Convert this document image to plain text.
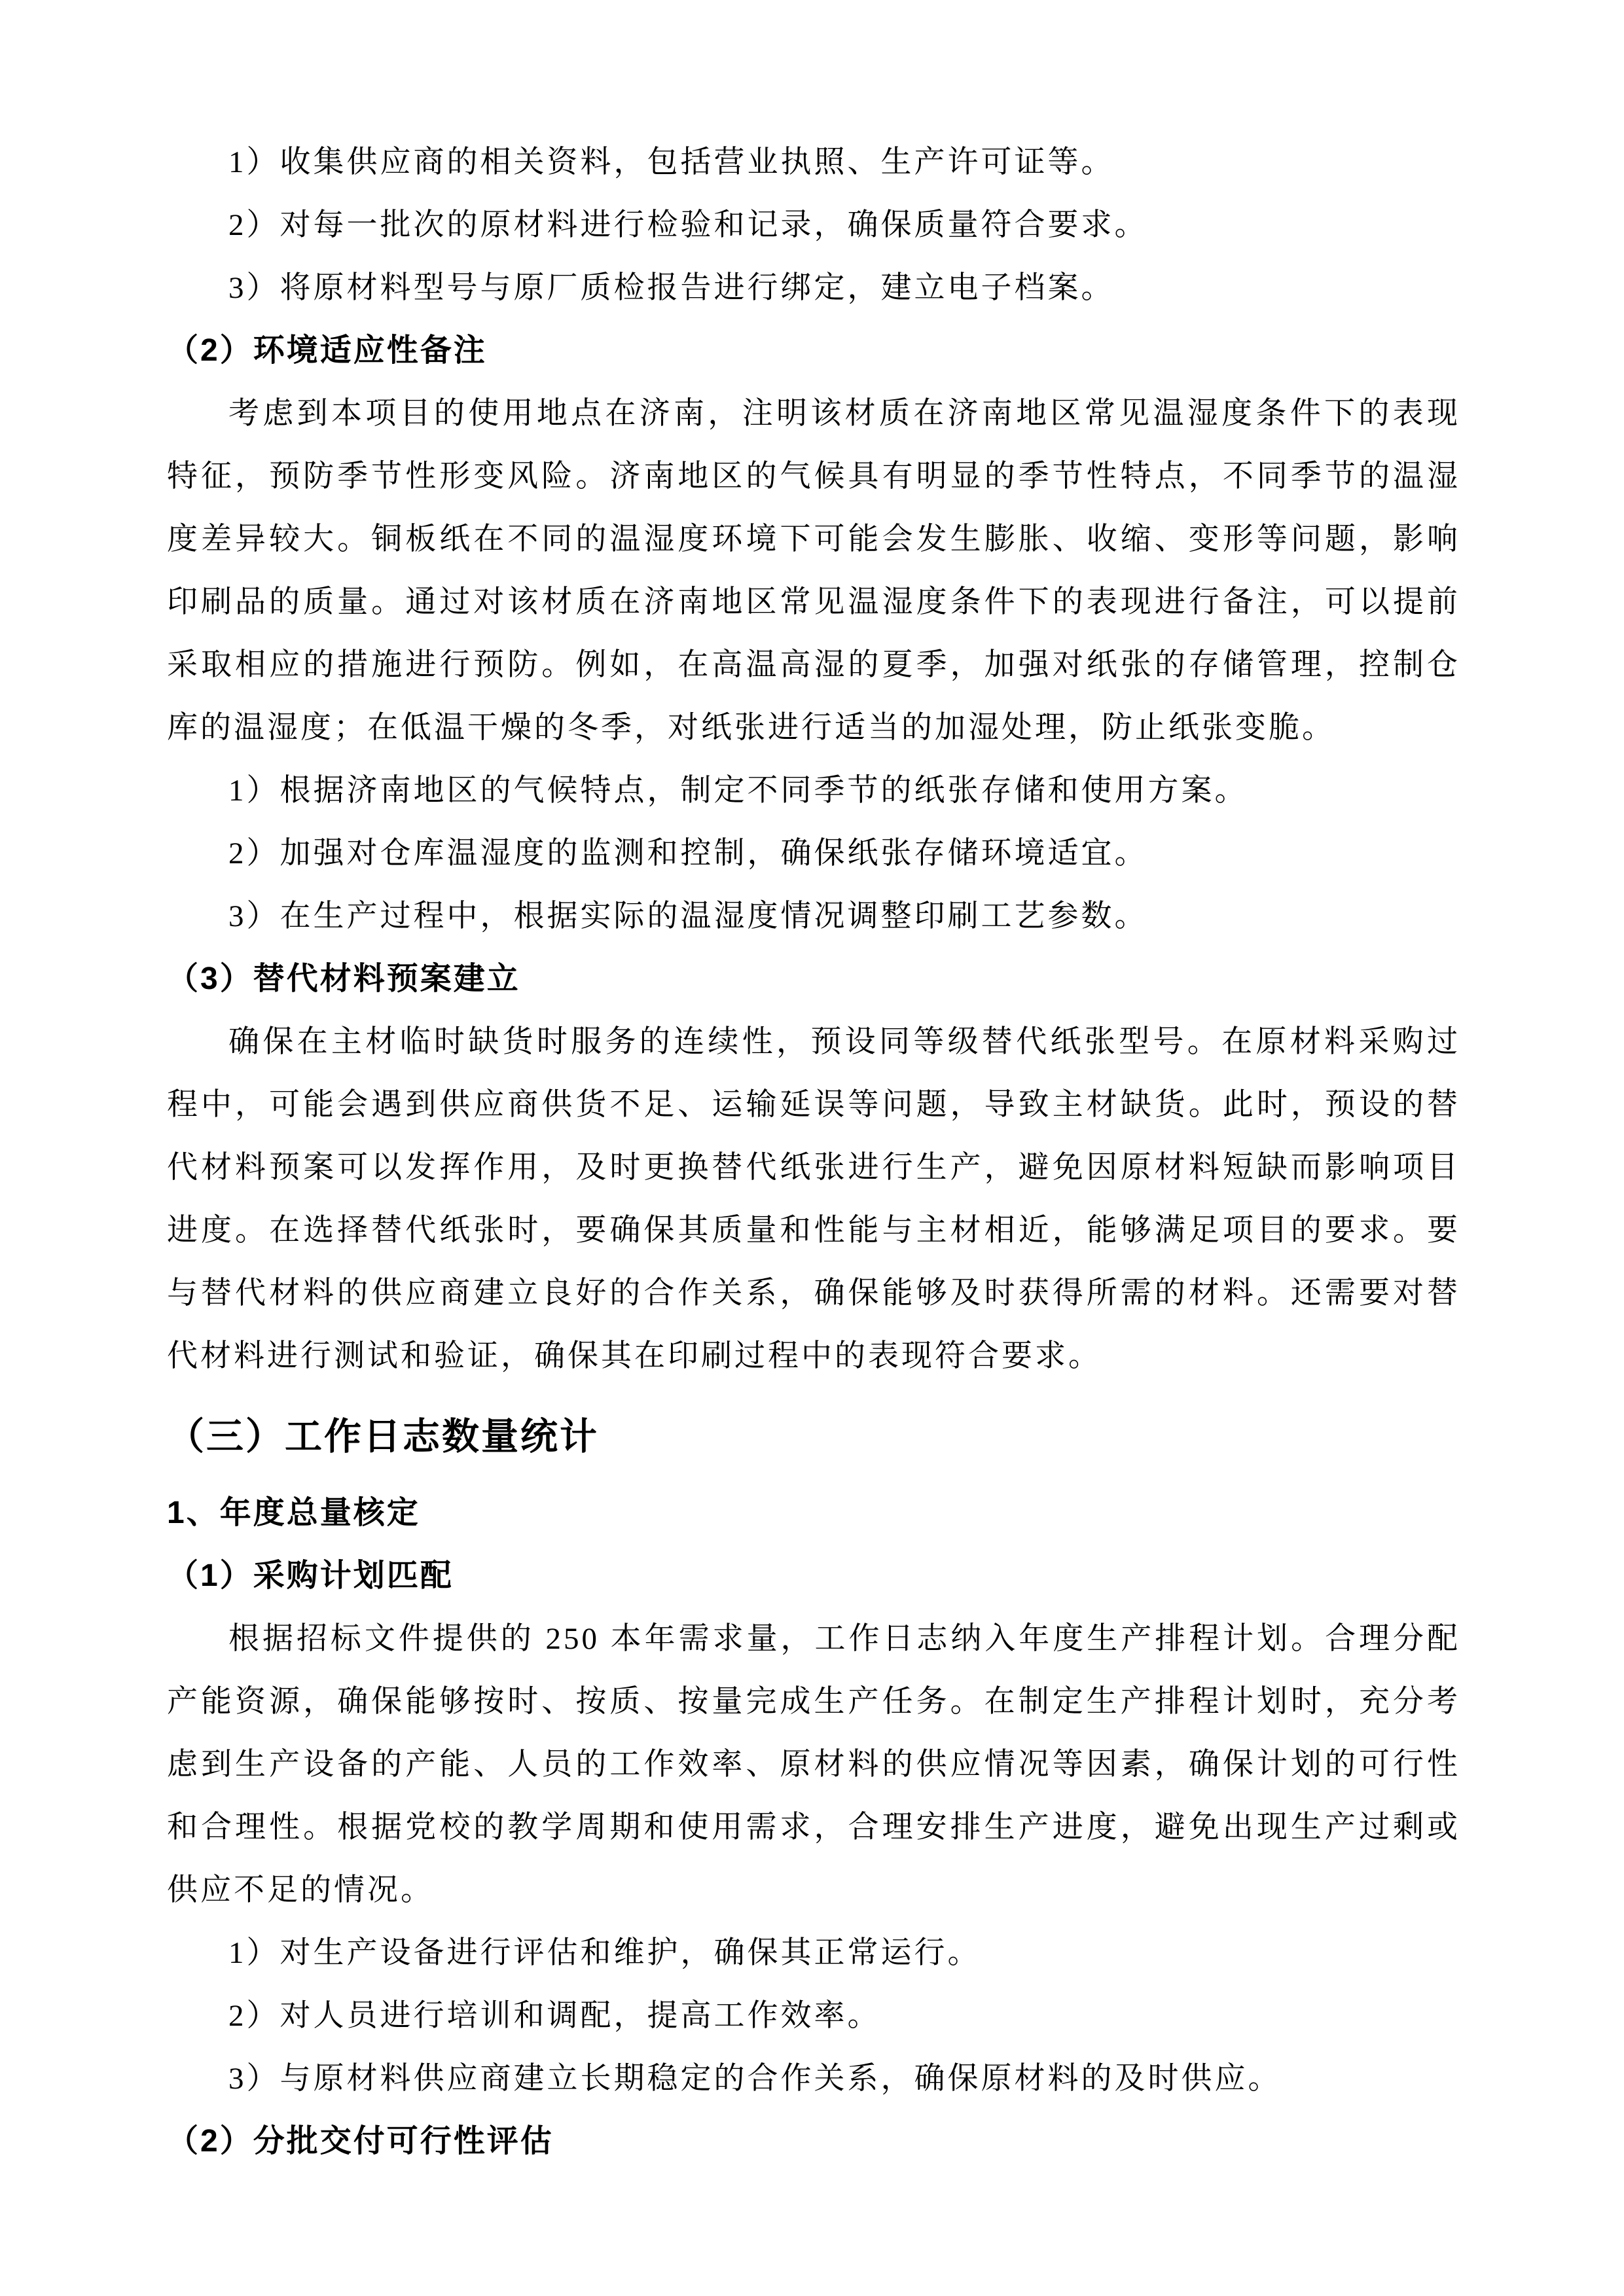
1）收集供应商的相关资料，包括营业执照、生产许可证等。
2）对每一批次的原材料进行检验和记录，确保质量符合要求。
3）将原材料型号与原厂质检报告进行绑定，建立电子档案。
（2）环境适应性备注
考虑到本项目的使用地点在济南，注明该材质在济南地区常见温湿度条件下的表现特征，预防季节性形变风险。济南地区的气候具有明显的季节性特点，不同季节的温湿度差异较大。铜板纸在不同的温湿度环境下可能会发生膨胀、收缩、变形等问题，影响印刷品的质量。通过对该材质在济南地区常见温湿度条件下的表现进行备注，可以提前采取相应的措施进行预防。例如，在高温高湿的夏季，加强对纸张的存储管理，控制仓库的温湿度；在低温干燥的冬季，对纸张进行适当的加湿处理，防止纸张变脆。
1）根据济南地区的气候特点，制定不同季节的纸张存储和使用方案。
2）加强对仓库温湿度的监测和控制，确保纸张存储环境适宜。
3）在生产过程中，根据实际的温湿度情况调整印刷工艺参数。
（3）替代材料预案建立
确保在主材临时缺货时服务的连续性，预设同等级替代纸张型号。在原材料采购过程中，可能会遇到供应商供货不足、运输延误等问题，导致主材缺货。此时，预设的替代材料预案可以发挥作用，及时更换替代纸张进行生产，避免因原材料短缺而影响项目进度。在选择替代纸张时，要确保其质量和性能与主材相近，能够满足项目的要求。要与替代材料的供应商建立良好的合作关系，确保能够及时获得所需的材料。还需要对替代材料进行测试和验证，确保其在印刷过程中的表现符合要求。
（三）工作日志数量统计
1、年度总量核定
（1）采购计划匹配
根据招标文件提供的 250 本年需求量，工作日志纳入年度生产排程计划。合理分配产能资源，确保能够按时、按质、按量完成生产任务。在制定生产排程计划时，充分考虑到生产设备的产能、人员的工作效率、原材料的供应情况等因素，确保计划的可行性和合理性。根据党校的教学周期和使用需求，合理安排生产进度，避免出现生产过剩或供应不足的情况。
1）对生产设备进行评估和维护，确保其正常运行。
2）对人员进行培训和调配，提高工作效率。
3）与原材料供应商建立长期稳定的合作关系，确保原材料的及时供应。
（2）分批交付可行性评估
